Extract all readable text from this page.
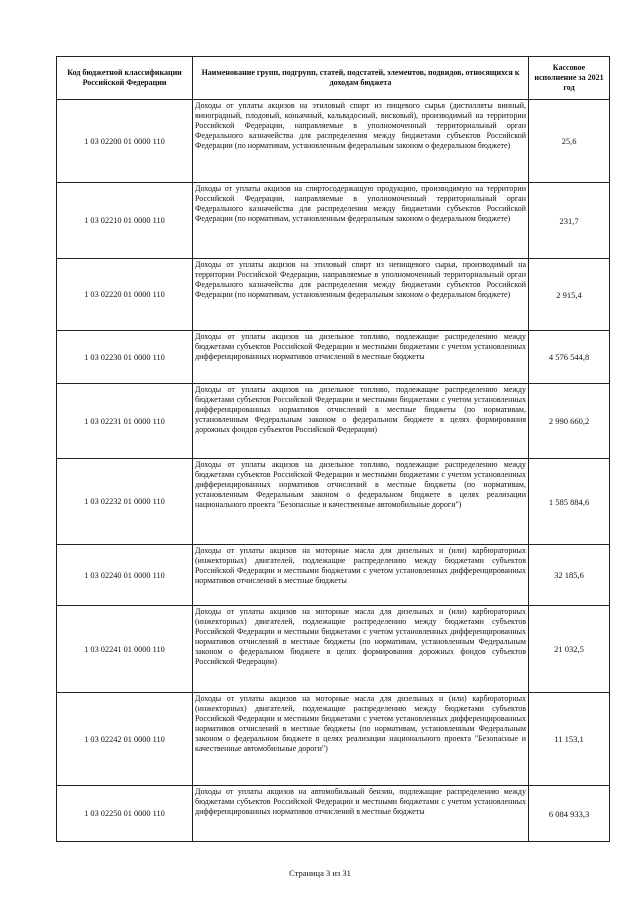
Код бюджетной классификации Российской Федерации	Наименование групп, подгрупп, статей, подстатей, элементов, подвидов, относящихся к доходам бюджета	Кассовое исполнение за 2021 год
1 03 02200 01 0000 110	Доходы от уплаты акцизов на этиловый спирт из пищевого сырья (дистилляты винный, виноградный, плодовый, коньячный, кальвадосный, висковый), производимый на территории Российской Федерации, направляемые в уполномоченный территориальный орган Федерального казначейства для распределения между бюджетами субъектов Российской Федерации (по нормативам, установленным федеральным законом о федеральном бюджете)	25,6
1 03 02210 01 0000 110	Доходы от уплаты акцизов на спиртосодержащую продукцию, производимую на территории Российской Федерации, направляемые в уполномоченный территориальный орган Федерального казначейства для распределения между бюджетами субъектов Российской Федерации (по нормативам, установленным федеральным законом о федеральном бюджете)	231,7
1 03 02220 01 0000 110	Доходы от уплаты акцизов на этиловый спирт из непищевого сырья, производимый на территории Российской Федерации, направляемые в уполномоченный территориальный орган Федерального казначейства для распределения между бюджетами субъектов Российской Федерации (по нормативам, установленным федеральным законом о федеральном бюджете)	2 915,4
1 03 02230 01 0000 110	Доходы от уплаты акцизов на дизельное топливо, подлежащие распределению между бюджетами субъектов Российской Федерации и местными бюджетами с учетом установленных дифференцированных нормативов отчислений в местные бюджеты	4 576 544,8
1 03 02231 01 0000 110	Доходы от уплаты акцизов на дизельное топливо, подлежащие распределению между бюджетами субъектов Российской Федерации и местными бюджетами с учетом установленных дифференцированных нормативов отчислений в местные бюджеты (по нормативам, установленным Федеральным законом о федеральном бюджете в целях формирования дорожных фондов субъектов Российской Федерации)	2 990 660,2
1 03 02232 01 0000 110	Доходы от уплаты акцизов на дизельное топливо, подлежащие распределению между бюджетами субъектов Российской Федерации и местными бюджетами с учетом установленных дифференцированных нормативов отчислений в местные бюджеты (по нормативам, установленным Федеральным законом о федеральном бюджете в целях реализации национального проекта "Безопасные и качественные автомобильные дороги")	1 585 884,6
1 03 02240 01 0000 110	Доходы от уплаты акцизов на моторные масла для дизельных и (или) карбюраторных (инжекторных) двигателей, подлежащие распределению между бюджетами субъектов Российской Федерации и местными бюджетами с учетом установленных дифференцированных нормативов отчислений в местные бюджеты	32 185,6
1 03 02241 01 0000 110	Доходы от уплаты акцизов на моторные масла для дизельных и (или) карбюраторных (инжекторных) двигателей, подлежащие распределению между бюджетами субъектов Российской Федерации и местными бюджетами с учетом установленных дифференцированных нормативов отчислений в местные бюджеты (по нормативам, установленным Федеральным законом о федеральном бюджете в целях формирования дорожных фондов субъектов Российской Федерации)	21 032,5
1 03 02242 01 0000 110	Доходы от уплаты акцизов на моторные масла для дизельных и (или) карбюраторных (инжекторных) двигателей, подлежащие распределению между бюджетами субъектов Российской Федерации и местными бюджетами с учетом установленных дифференцированных нормативов отчислений в местные бюджеты (по нормативам, установленным Федеральным законом о федеральном бюджете в целях реализации национального проекта "Безопасные и качественные автомобильные дороги")	11 153,1
1 03 02250 01 0000 110	Доходы от уплаты акцизов на автомобильный бензин, подлежащие распределению между бюджетами субъектов Российской Федерации и местными бюджетами с учетом установленных дифференцированных нормативов отчислений в местные бюджеты	6 084 933,3
Страница 3 из 31
